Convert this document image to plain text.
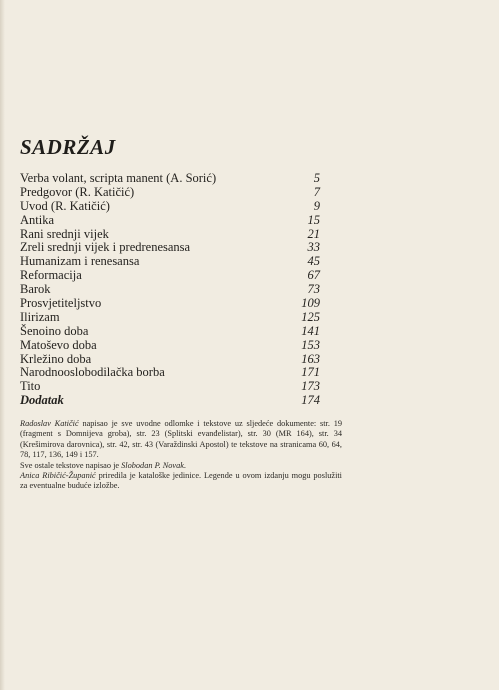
SADRŽAJ
Verba volant, scripta manent (A. Sorić)	5
Predgovor (R. Katičić)	7
Uvod (R. Katičić)	9
Antika	15
Rani srednji vijek	21
Zreli srednji vijek i predrenesansa	33
Humanizam i renesansa	45
Reformacija	67
Barok	73
Prosvjetiteljstvo	109
Ilirizam	125
Šenoino doba	141
Matoševo doba	153
Krležino doba	163
Narodnooslobodilačka borba	171
Tito	173
Dodatak	174

Radoslav Katičić napisao je sve uvodne odlomke i tekstove uz sljedeće dokumente: str. 19 (fragment s Domnijeva groba), str. 23 (Splitski evanđelistar), str. 30 (MR 164), str. 34 (Krešimirova darovnica), str. 42, str. 43 (Varaždinski Apostol) te tekstove na stranicama 60, 64, 78, 117, 136, 149 i 157.

Sve ostale tekstove napisao je Slobodan P. Novak.

Anica Ribičić-Županić priredila je kataloške jedinice. Legende u ovom izdanju mogu poslužiti za eventualne buduće izložbe.
